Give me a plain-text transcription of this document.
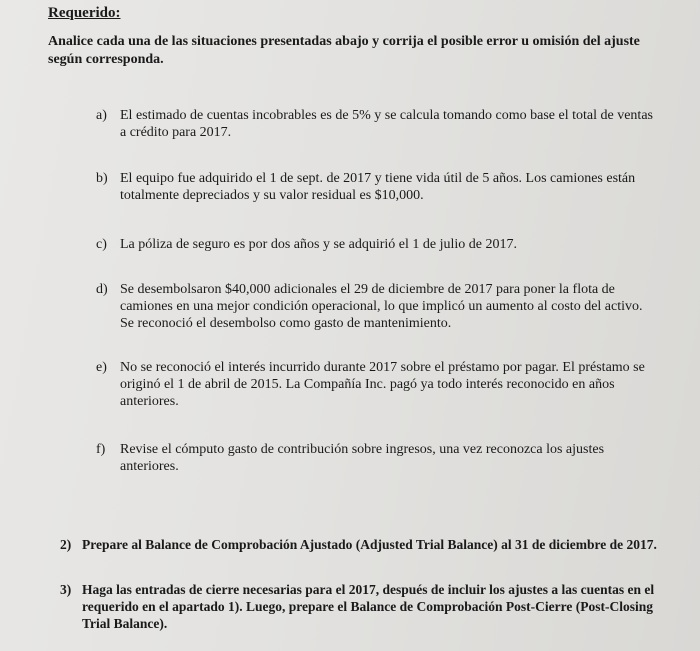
Requerido:
Analice cada una de las situaciones presentadas abajo y corrija el posible error u omisión del ajuste según corresponda.
a) El estimado de cuentas incobrables es de 5% y se calcula tomando como base el total de ventas a crédito para 2017.
b) El equipo fue adquirido el 1 de sept. de 2017 y tiene vida útil de 5 años. Los camiones están totalmente depreciados y su valor residual es $10,000.
c) La póliza de seguro es por dos años y se adquirió el 1 de julio de 2017.
d) Se desembolsaron $40,000 adicionales el 29 de diciembre de 2017 para poner la flota de camiones en una mejor condición operacional, lo que implicó un aumento al costo del activo. Se reconoció el desembolso como gasto de mantenimiento.
e) No se reconoció el interés incurrido durante 2017 sobre el préstamo por pagar. El préstamo se originó el 1 de abril de 2015. La Compañía Inc. pagó ya todo interés reconocido en años anteriores.
f)	Revise el cómputo gasto de contribución sobre ingresos, una vez reconozca los ajustes anteriores.
2) Prepare al Balance de Comprobación Ajustado (Adjusted Trial Balance) al 31 de diciembre de 2017.
3) Haga las entradas de cierre necesarias para el 2017, después de incluir los ajustes a las cuentas en el requerido en el apartado 1). Luego, prepare el Balance de Comprobación Post-Cierre (Post-Closing Trial Balance).
